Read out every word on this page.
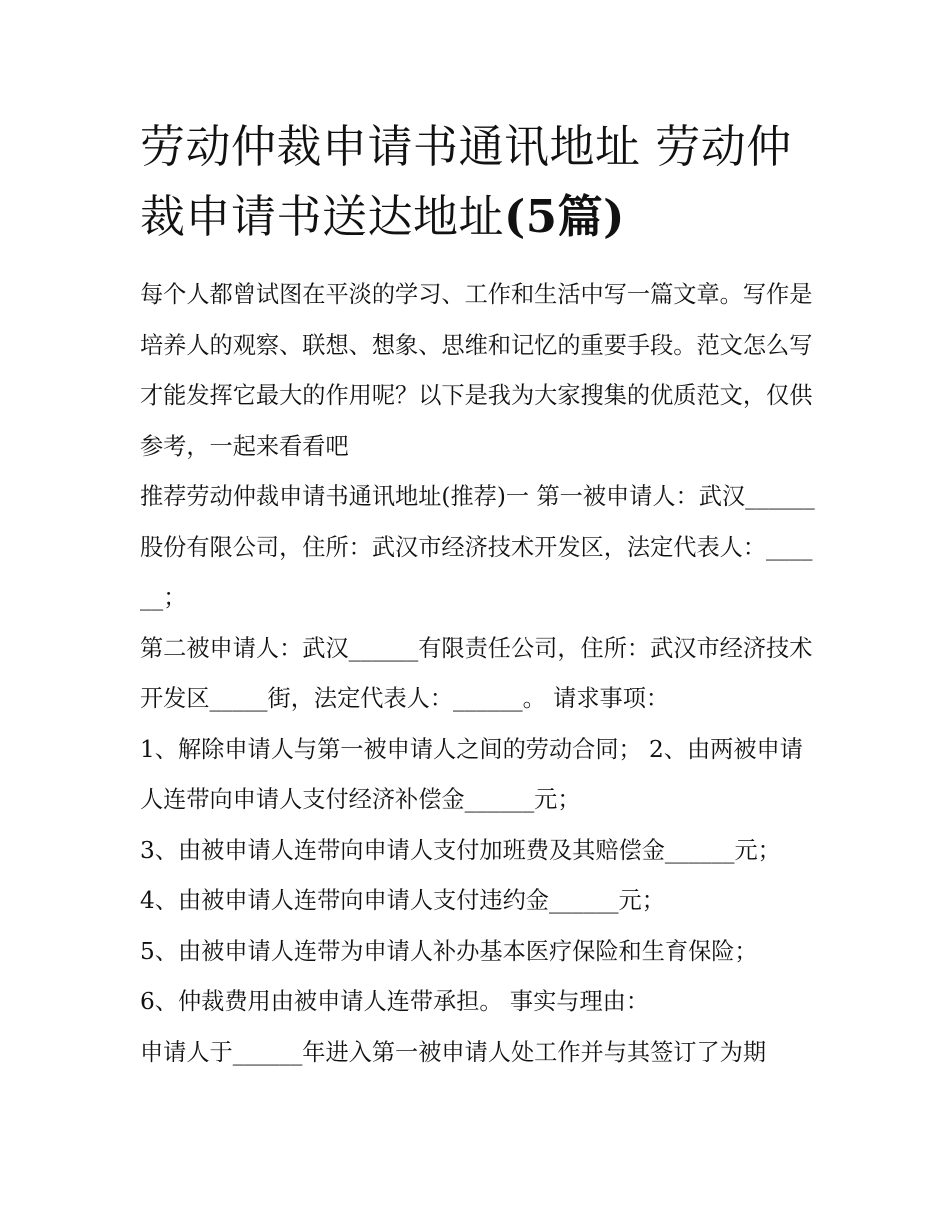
劳动仲裁申请书通讯地址 劳动仲裁申请书送达地址(5篇)

每个人都曾试图在平淡的学习、工作和生活中写一篇文章。写作是培养人的观察、联想、想象、思维和记忆的重要手段。范文怎么写才能发挥它最大的作用呢？以下是我为大家搜集的优质范文，仅供参考，一起来看看吧

推荐劳动仲裁申请书通讯地址(推荐)一 第一被申请人：武汉______股份有限公司，住所：武汉市经济技术开发区，法定代表人：______；

第二被申请人：武汉______有限责任公司，住所：武汉市经济技术开发区_____街，法定代表人：______。 请求事项：

1、解除申请人与第一被申请人之间的劳动合同； 2、由两被申请人连带向申请人支付经济补偿金______元；

3、由被申请人连带向申请人支付加班费及其赔偿金______元； 4、由被申请人连带向申请人支付违约金______元；

5、由被申请人连带为申请人补办基本医疗保险和生育保险；

6、仲裁费用由被申请人连带承担。 事实与理由：

申请人于______年进入第一被申请人处工作并与其签订了为期
